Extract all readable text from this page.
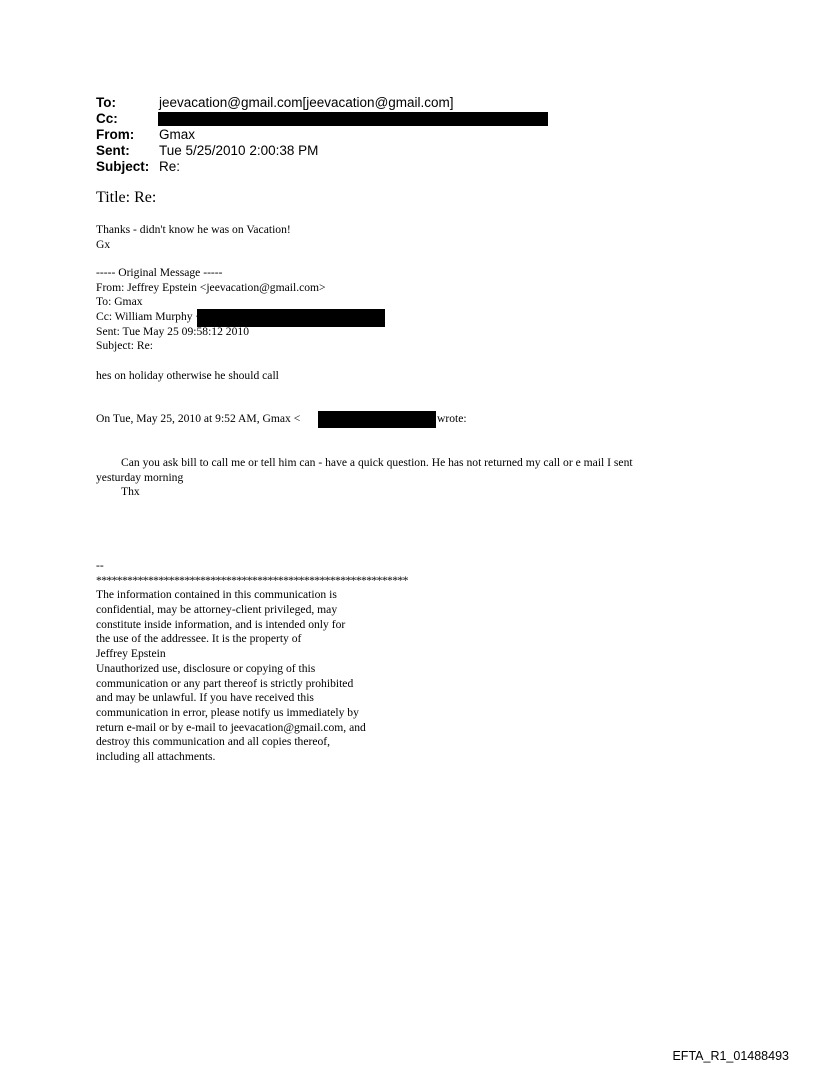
To:	jeevacation@gmail.com[jeevacation@gmail.com]
Cc:
From: Gmax
Sent: Tue 5/25/2010 2:00:38 PM
Subject: Re:
Title: Re:
Thanks - didn't know he was on Vacation!
Gx
----- Original Message -----
From: Jeffrey Epstein <jeevacation@gmail.com>
To: Gmax
Cc: William Murphy <
Sent: Tue May 25 09:58:12 2010
Subject: Re:
hes on holiday otherwise he should call
On Tue, May 25, 2010 at 9:52 AM, Gmax <	wrote:
Can you ask bill to call me or tell him can - have a quick question. He has not returned my call or e mail I sent
yesturday morning
Thx
--
************************************************************
The information contained in this communication is
confidential, may be attorney-client privileged, may
constitute inside information, and is intended only for
the use of the addressee. It is the property of
Jeffrey Epstein
Unauthorized use, disclosure or copying of this
communication or any part thereof is strictly prohibited
and may be unlawful. If you have received this
communication in error, please notify us immediately by
return e-mail or by e-mail to jeevacation@gmail.com, and
destroy this communication and all copies thereof,
including all attachments.
EFTA_R1_01488493
